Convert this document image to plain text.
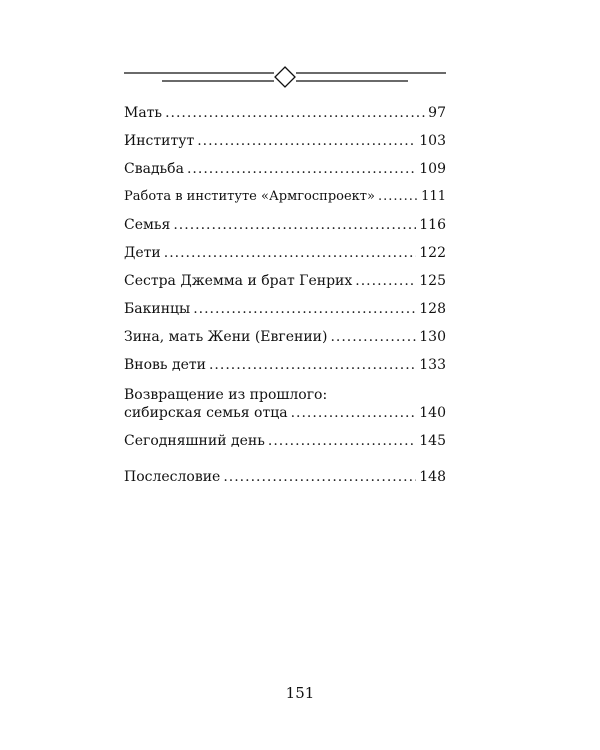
Мать .....	97
Институт .....	103
Свадьба .....	109
Работа в институте «Армгоспроект» .....	111
Семья .....	116
Дети .....	122
Сестра Джемма и брат Генрих .....	125
Бакинцы .....	128
Зина, мать Жени (Евгении) .....	130
Вновь дети .....	133
Возвращение из прошлого:
сибирская семья отца .....	140
Сегодняшний день .....	145
Послесловие .....	148
151
